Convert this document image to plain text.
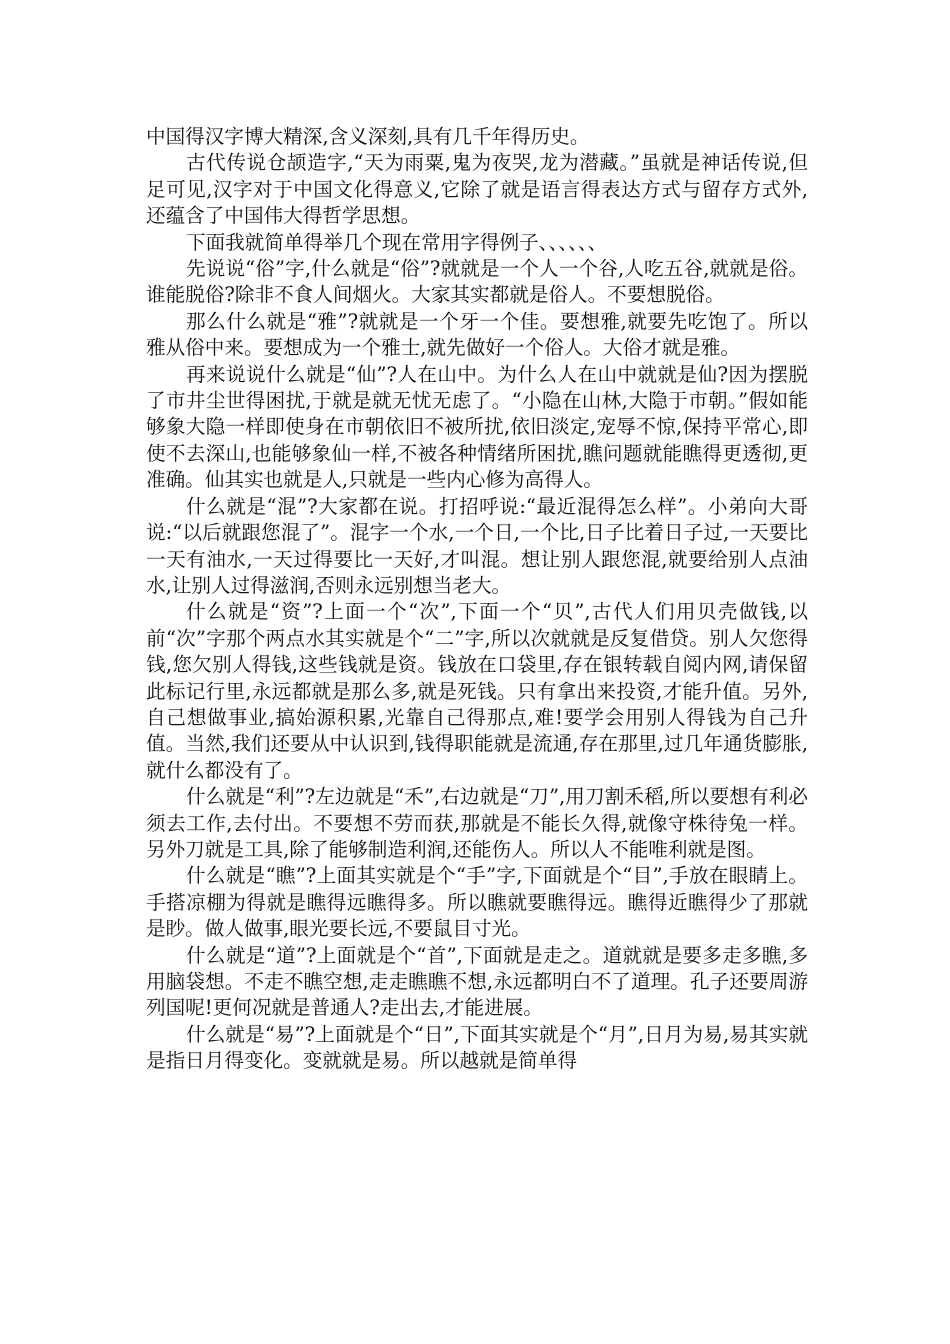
中国得汉字博大精深,含义深刻,具有几千年得历史。

古代传说仓颉造字,“天为雨粟,鬼为夜哭,龙为潜藏。”虽就是神话传说,但足可见,汉字对于中国文化得意义,它除了就是语言得表达方式与留存方式外,还蕴含了中国伟大得哲学思想。

下面我就简单得举几个现在常用字得例子、、、、、、

先说说“俗”字,什么就是“俗”?就就是一个人一个谷,人吃五谷,就就是俗。谁能脱俗?除非不食人间烟火。大家其实都就是俗人。不要想脱俗。

那么什么就是“雅”?就就是一个牙一个佳。要想雅,就要先吃饱了。所以雅从俗中来。要想成为一个雅士,就先做好一个俗人。大俗才就是雅。

再来说说什么就是“仙”?人在山中。为什么人在山中就就是仙?因为摆脱了市井尘世得困扰,于就是就无忧无虑了。“小隐在山林,大隐于市朝。”假如能够象大隐一样即使身在市朝依旧不被所扰,依旧淡定,宠辱不惊,保持平常心,即使不去深山,也能够象仙一样,不被各种情绪所困扰,瞧问题就能瞧得更透彻,更准确。仙其实也就是人,只就是一些内心修为高得人。

什么就是“混”?大家都在说。打招呼说:“最近混得怎么样”。小弟向大哥说:“以后就跟您混了”。混字一个水,一个日,一个比,日子比着日子过,一天要比一天有油水,一天过得要比一天好,才叫混。想让别人跟您混,就要给别人点油水,让别人过得滋润,否则永远别想当老大。

什么就是“资”?上面一个“次”,下面一个“贝”,古代人们用贝壳做钱,以前“次”字那个两点水其实就是个“二”字,所以次就就是反复借贷。别人欠您得钱,您欠别人得钱,这些钱就是资。钱放在口袋里,存在银转载自阅内网,请保留此标记行里,永远都就是那么多,就是死钱。只有拿出来投资,才能升值。另外,自己想做事业,搞始源积累,光靠自己得那点,难!要学会用别人得钱为自己升值。当然,我们还要从中认识到,钱得职能就是流通,存在那里,过几年通货膨胀,就什么都没有了。

什么就是“利”?左边就是“禾”,右边就是“刀”,用刀割禾稻,所以要想有利必须去工作,去付出。不要想不劳而获,那就是不能长久得,就像守株待兔一样。另外刀就是工具,除了能够制造利润,还能伤人。所以人不能唯利就是图。

什么就是“瞧”?上面其实就是个“手”字,下面就是个“目”,手放在眼睛上。手搭凉棚为得就是瞧得远瞧得多。所以瞧就要瞧得远。瞧得近瞧得少了那就是眇。做人做事,眼光要长远,不要鼠目寸光。

什么就是“道”?上面就是个“首”,下面就是走之。道就就是要多走多瞧,多用脑袋想。不走不瞧空想,走走瞧瞧不想,永远都明白不了道理。孔子还要周游列国呢!更何况就是普通人?走出去,才能进展。

什么就是“易”?上面就是个“日”,下面其实就是个“月”,日月为易,易其实就是指日月得变化。变就就是易。所以越就是简单得
